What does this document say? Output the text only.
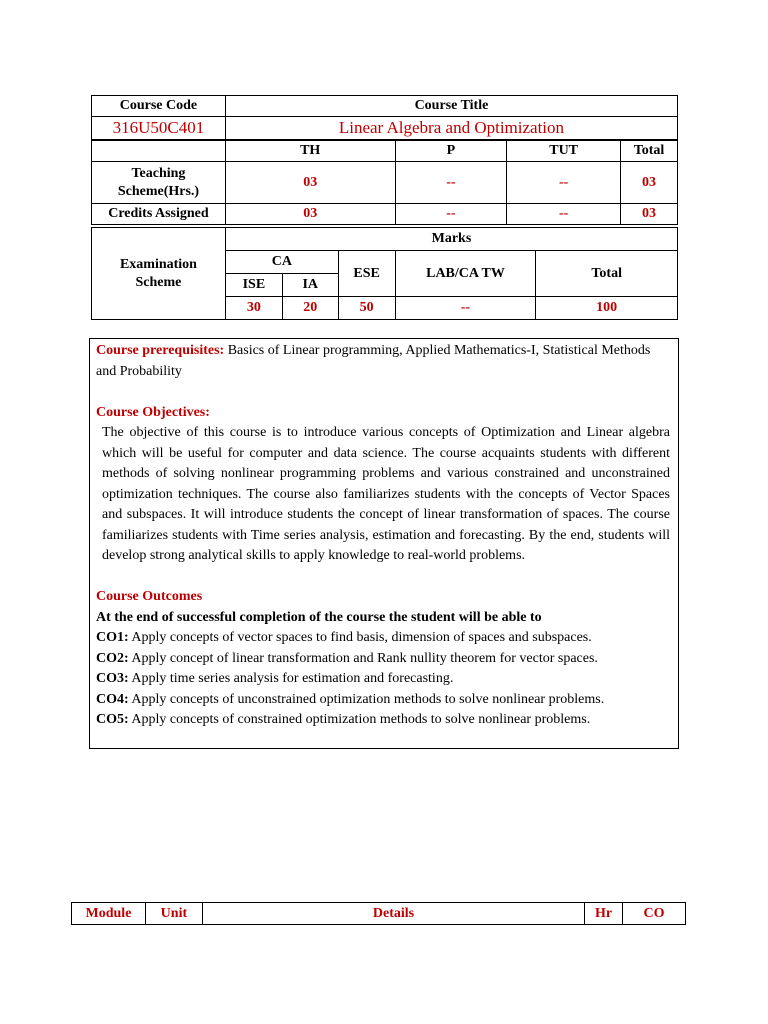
Course Code	Course Title			
316U50C401	Linear Algebra and Optimization			
	TH	P	TUT	Total
Teaching Scheme(Hrs.)	03	--	--	03
Credits Assigned	03	--	--	03
Examination Scheme	Marks				
	CA		ESE	LAB/CA TW	Total
	ISE	IA			
	30	20	50	--	100
Course prerequisites: Basics of Linear programming, Applied Mathematics-I, Statistical Methods and Probability
Course Objectives:
The objective of this course is to introduce various concepts of Optimization and Linear algebra which will be useful for computer and data science. The course acquaints students with different methods of solving nonlinear programming problems and various constrained and unconstrained optimization techniques. The course also familiarizes students with the concepts of Vector Spaces and subspaces. It will introduce students the concept of linear transformation of spaces. The course familiarizes students with Time series analysis, estimation and forecasting. By the end, students will develop strong analytical skills to apply knowledge to real-world problems.
Course Outcomes
At the end of successful completion of the course the student will be able to
CO1: Apply concepts of vector spaces to find basis, dimension of spaces and subspaces.
CO2: Apply concept of linear transformation and Rank nullity theorem for vector spaces.
CO3: Apply time series analysis for estimation and forecasting.
CO4: Apply concepts of unconstrained optimization methods to solve nonlinear problems.
CO5: Apply concepts of constrained optimization methods to solve nonlinear problems.
Module	Unit	Details	Hr	CO
